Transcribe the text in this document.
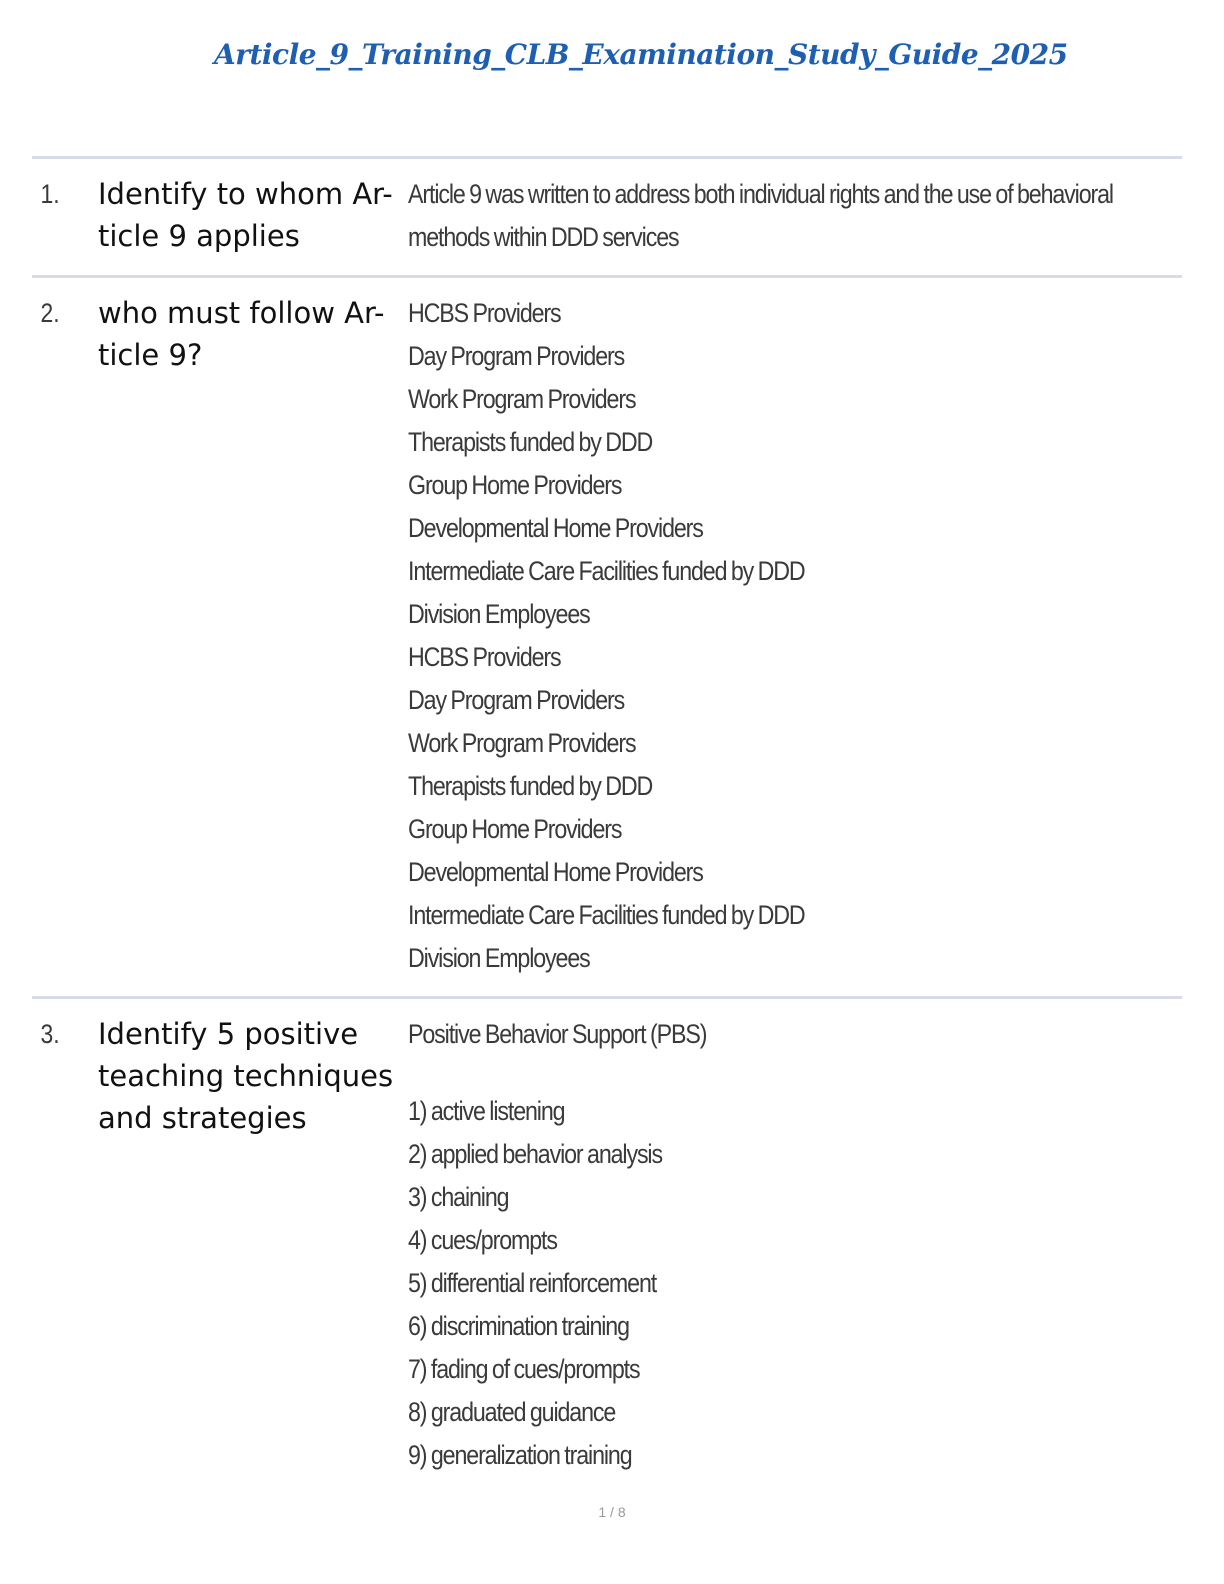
Article_9_Training_CLB_Examination_Study_Guide_2025
1.	Identify to whom Ar- ticle 9 applies
Article 9 was written to address both individual rights and the use of behavioral methods within DDD services
2.	who must follow Ar- ticle 9?
HCBS Providers
Day Program Providers
Work Program Providers
Therapists funded by DDD
Group Home Providers
Developmental Home Providers
Intermediate Care Facilities funded by DDD
Division Employees
HCBS Providers
Day Program Providers
Work Program Providers
Therapists funded by DDD
Group Home Providers
Developmental Home Providers
Intermediate Care Facilities funded by DDD
Division Employees
3.	Identify 5 positive teaching techniques and strategies
Positive Behavior Support (PBS)
1) active listening
2) applied behavior analysis
3) chaining
4) cues/prompts
5) differential reinforcement
6) discrimination training
7) fading of cues/prompts
8) graduated guidance
9) generalization training
1 / 8
